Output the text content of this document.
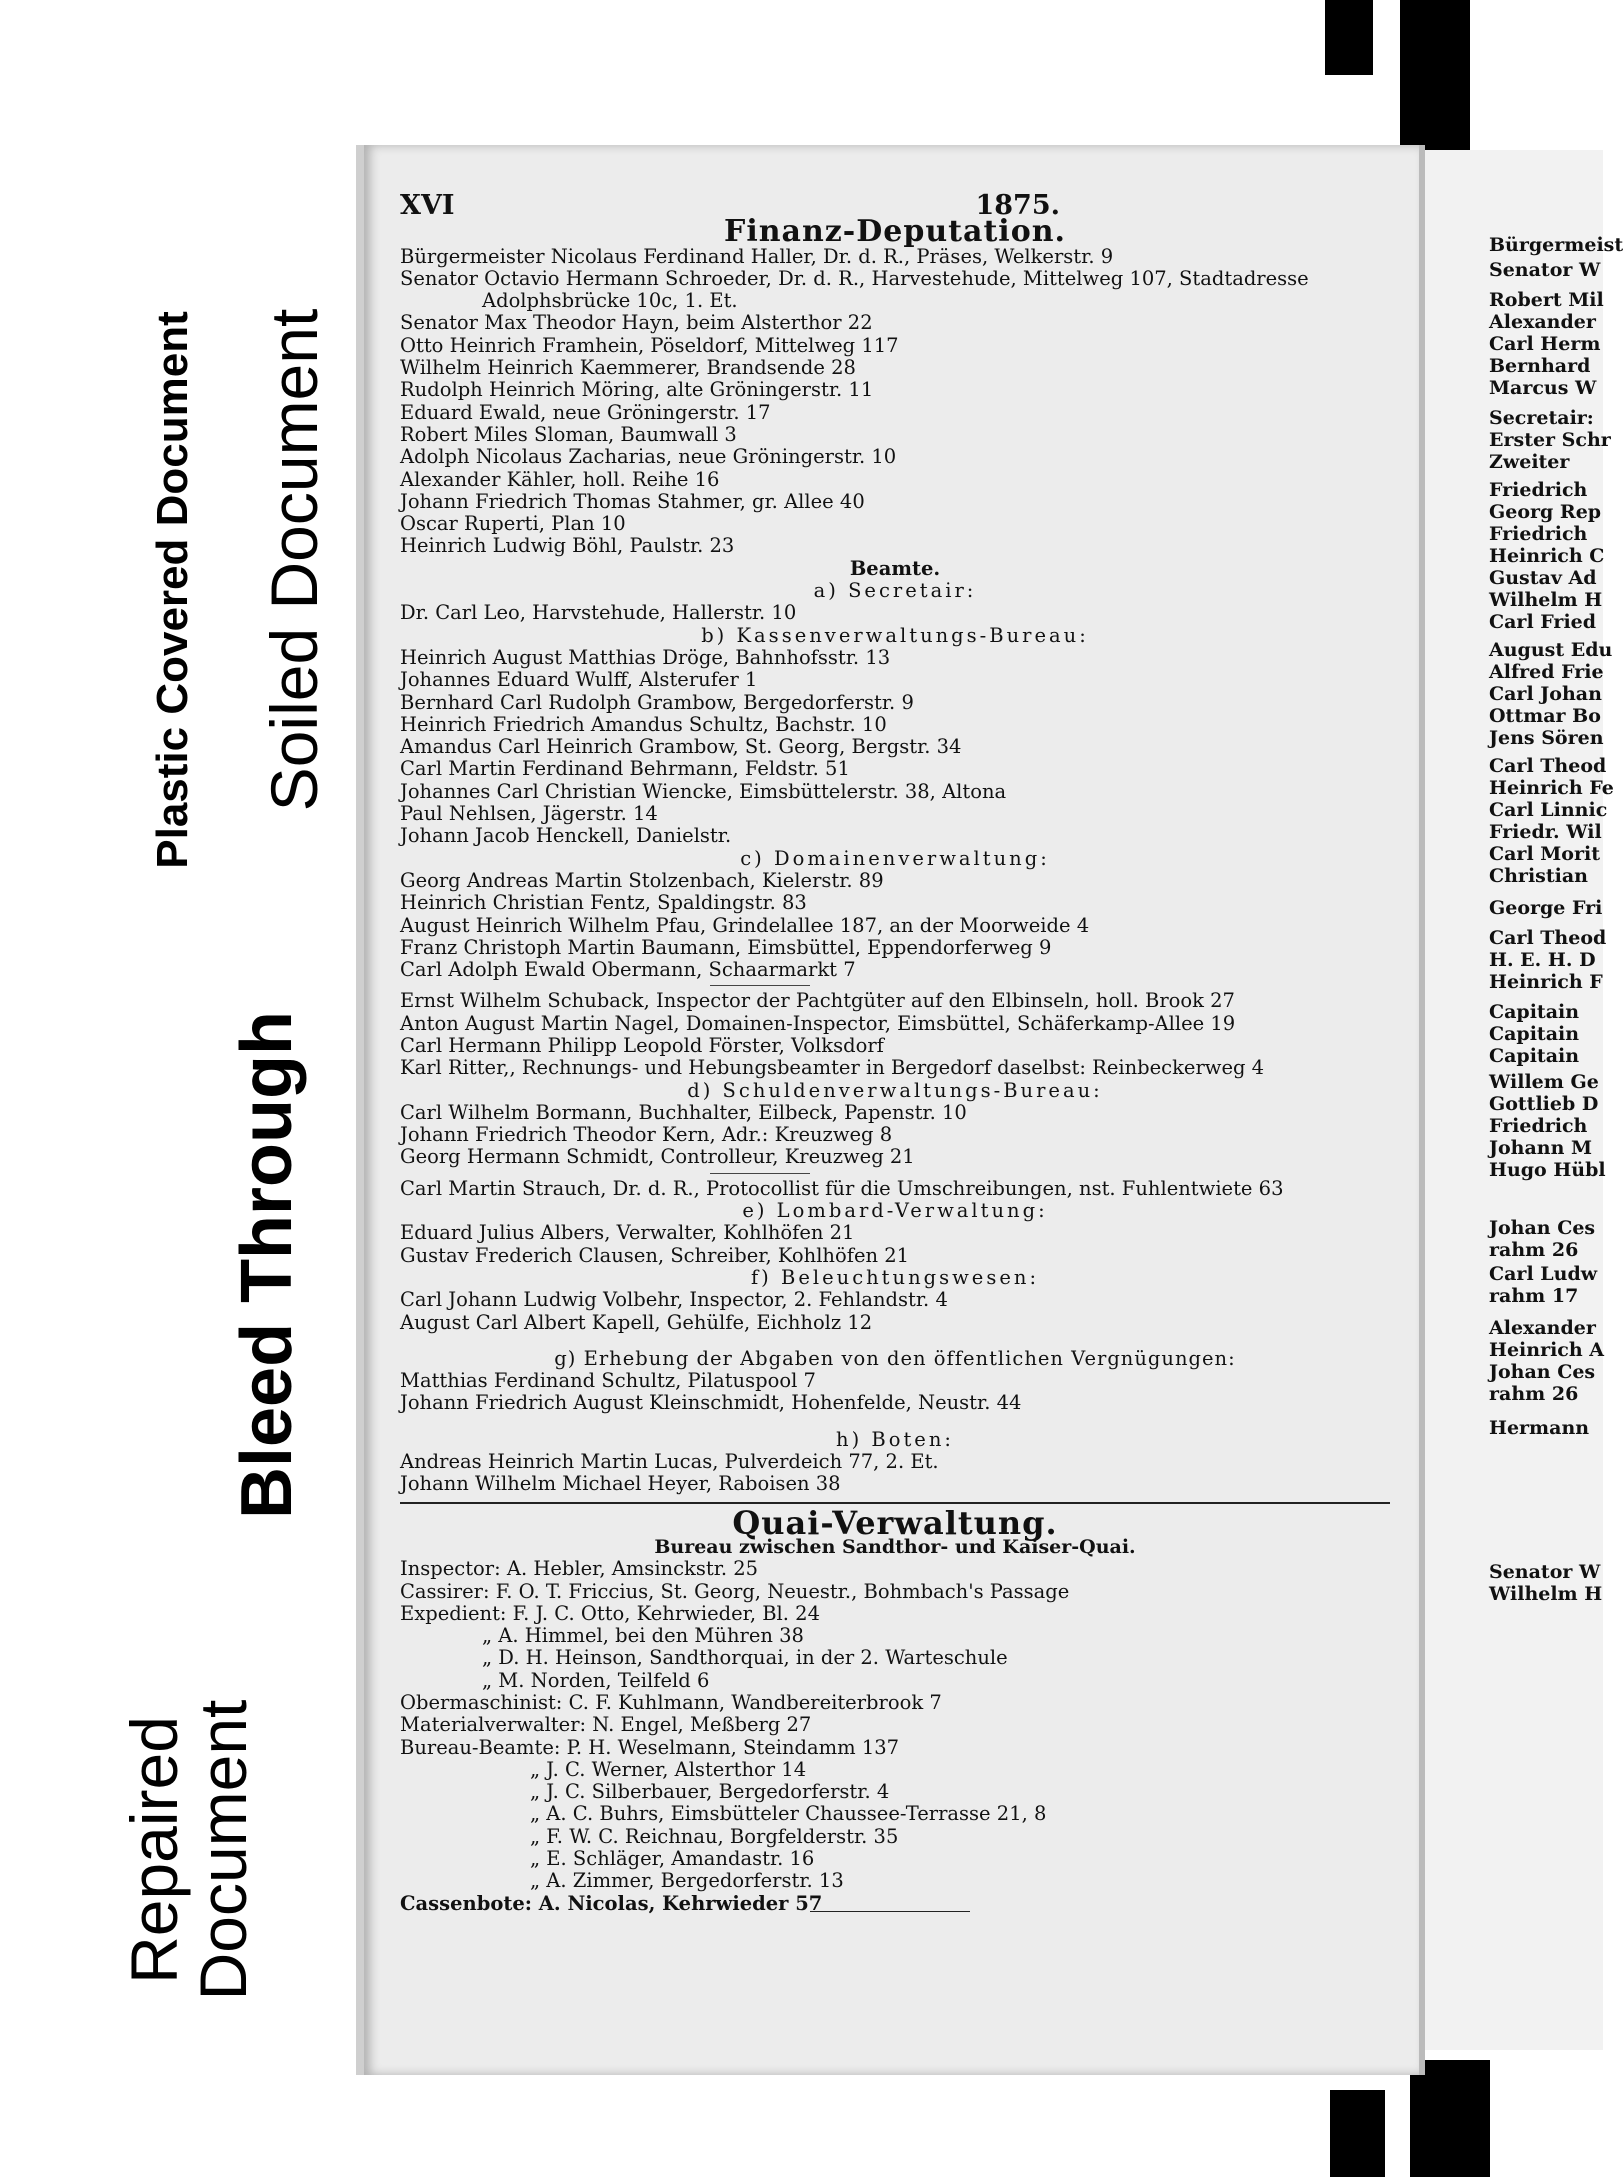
Plastic Covered Document Soiled Document
Bleed Through
Repaired
Document
Bürgermeist
Senator W
Robert Mil
Alexander
Carl Herm
Bernhard
Marcus W
Secretair:
Erster Schr
Zweiter
Friedrich
Georg Rep
Friedrich
Heinrich C
Gustav Ad
Wilhelm H
Carl Fried
August Edu
Alfred Frie
Carl Johan
Ottmar Bo
Jens Sören
Carl Theod
Heinrich Fe
Carl Linnic
Friedr. Wil
Carl Morit
Christian
George Fri
Carl Theod
H. E. H. D
Heinrich F
Capitain
Capitain
Capitain
Willem Ge
Gottlieb D
Friedrich
Johann M
Hugo Hübl
Johan Ces
rahm 26
Carl Ludw
rahm 17
Alexander
Heinrich A
Johan Ces
rahm 26
Hermann
Senator W
Wilhelm H
XVI	1875.
Finanz-Deputation.
Bürgermeister Nicolaus Ferdinand Haller, Dr. d. R., Präses, Welkerstr. 9
Senator Octavio Hermann Schroeder, Dr. d. R., Harvestehude, Mittelweg 107, Stadtadresse
Adolphsbrücke 10c, 1. Et.
Senator Max Theodor Hayn, beim Alsterthor 22
Otto Heinrich Framhein, Pöseldorf, Mittelweg 117
Wilhelm Heinrich Kaemmerer, Brandsende 28
Rudolph Heinrich Möring, alte Gröningerstr. 11
Eduard Ewald, neue Gröningerstr. 17
Robert Miles Sloman, Baumwall 3
Adolph Nicolaus Zacharias, neue Gröningerstr. 10
Alexander Kähler, holl. Reihe 16
Johann Friedrich Thomas Stahmer, gr. Allee 40
Oscar Ruperti, Plan 10
Heinrich Ludwig Böhl, Paulstr. 23
Beamte.
a) Secretair:
Dr. Carl Leo, Harvstehude, Hallerstr. 10
b) Kassenverwaltungs-Bureau:
Heinrich August Matthias Dröge, Bahnhofsstr. 13
Johannes Eduard Wulff, Alsterufer 1
Bernhard Carl Rudolph Grambow, Bergedorferstr. 9
Heinrich Friedrich Amandus Schultz, Bachstr. 10
Amandus Carl Heinrich Grambow, St. Georg, Bergstr. 34
Carl Martin Ferdinand Behrmann, Feldstr. 51
Johannes Carl Christian Wiencke, Eimsbüttelerstr. 38, Altona
Paul Nehlsen, Jägerstr. 14
Johann Jacob Henckell, Danielstr.
c) Domainenverwaltung:
Georg Andreas Martin Stolzenbach, Kielerstr. 89
Heinrich Christian Fentz, Spaldingstr. 83
August Heinrich Wilhelm Pfau, Grindelallee 187, an der Moorweide 4
Franz Christoph Martin Baumann, Eimsbüttel, Eppendorferweg 9
Carl Adolph Ewald Obermann, Schaarmarkt 7
Ernst Wilhelm Schuback, Inspector der Pachtgüter auf den Elbinseln, holl. Brook 27
Anton August Martin Nagel, Domainen-Inspector, Eimsbüttel, Schäferkamp-Allee 19
Carl Hermann Philipp Leopold Förster, Volksdorf
Karl Ritter,, Rechnungs- und Hebungsbeamter in Bergedorf daselbst: Reinbeckerweg 4
d) Schuldenverwaltungs-Bureau:
Carl Wilhelm Bormann, Buchhalter, Eilbeck, Papenstr. 10
Johann Friedrich Theodor Kern, Adr.: Kreuzweg 8
Georg Hermann Schmidt, Controlleur, Kreuzweg 21
Carl Martin Strauch, Dr. d. R., Protocollist für die Umschreibungen, nst. Fuhlentwiete 63
e) Lombard-Verwaltung:
Eduard Julius Albers, Verwalter, Kohlhöfen 21
Gustav Frederich Clausen, Schreiber, Kohlhöfen 21
f) Beleuchtungswesen:
Carl Johann Ludwig Volbehr, Inspector, 2. Fehlandstr. 4
August Carl Albert Kapell, Gehülfe, Eichholz 12
g) Erhebung der Abgaben von den öffentlichen Vergnügungen:
Matthias Ferdinand Schultz, Pilatuspool 7
Johann Friedrich August Kleinschmidt, Hohenfelde, Neustr. 44
h) Boten:
Andreas Heinrich Martin Lucas, Pulverdeich 77, 2. Et.
Johann Wilhelm Michael Heyer, Raboisen 38
Quai-Verwaltung.
Bureau zwischen Sandthor- und Kaiser-Quai.
Inspector: A. Hebler, Amsinckstr. 25
Cassirer: F. O. T. Friccius, St. Georg, Neuestr., Bohmbach's Passage
Expedient: F. J. C. Otto, Kehrwieder, Bl. 24
„ A. Himmel, bei den Mühren 38
„ D. H. Heinson, Sandthorquai, in der 2. Warteschule
„ M. Norden, Teilfeld 6
Obermaschinist: C. F. Kuhlmann, Wandbereiterbrook 7
Materialverwalter: N. Engel, Meßberg 27
Bureau-Beamte: P. H. Weselmann, Steindamm 137
„ J. C. Werner, Alsterthor 14
„ J. C. Silberbauer, Bergedorferstr. 4
„ A. C. Buhrs, Eimsbütteler Chaussee-Terrasse 21, 8
„ F. W. C. Reichnau, Borgfelderstr. 35
„ E. Schläger, Amandastr. 16
„ A. Zimmer, Bergedorferstr. 13
Cassenbote: A. Nicolas, Kehrwieder 57
